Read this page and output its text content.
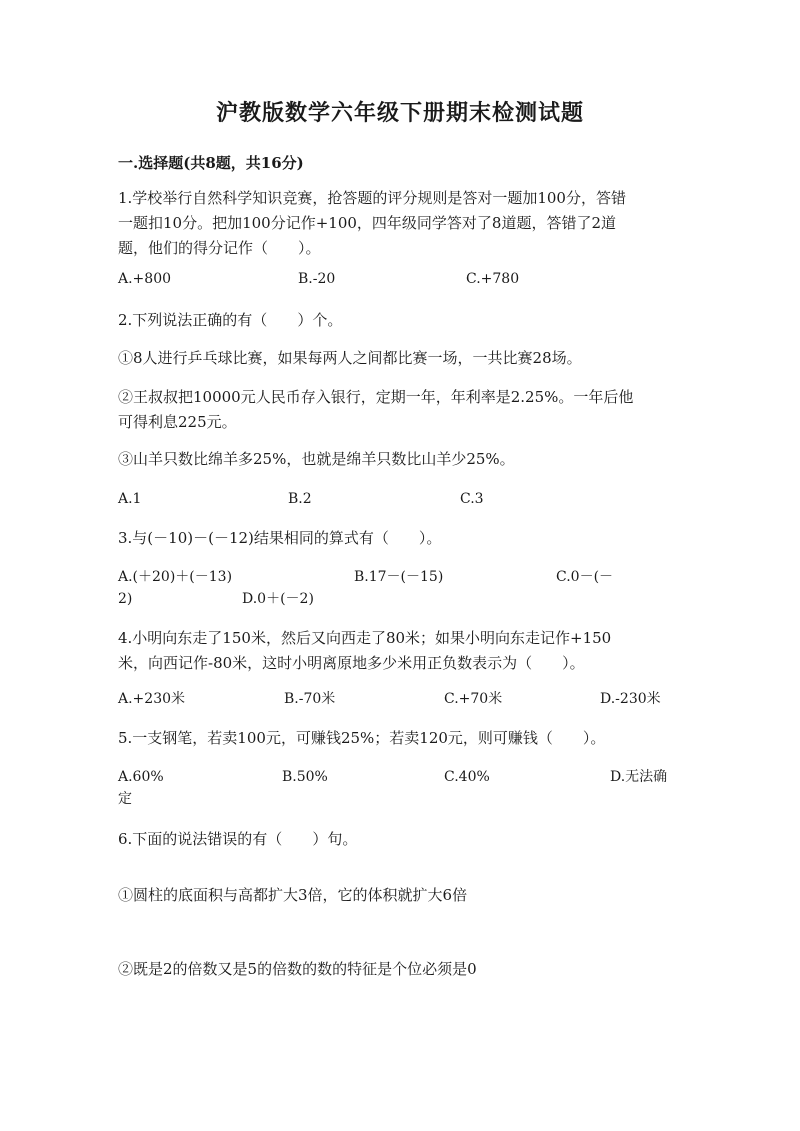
沪教版数学六年级下册期末检测试题
一.选择题(共8题，共16分)
1.学校举行自然科学知识竞赛，抢答题的评分规则是答对一题加100分，答错
一题扣10分。把加100分记作+100，四年级同学答对了8道题，答错了2道
题，他们的得分记作（　　）。
A.+800	B.-20	C.+780
2.下列说法正确的有（　　）个。
①8人进行乒乓球比赛，如果每两人之间都比赛一场，一共比赛28场。
②王叔叔把10000元人民币存入银行，定期一年，年利率是2.25%。一年后他
可得利息225元。
③山羊只数比绵羊多25%，也就是绵羊只数比山羊少25%。
A.1	B.2	C.3
3.与(－10)－(－12)结果相同的算式有（　　）。
A.(＋20)＋(－13)	B.17－(－15)	C.0－(－
2)	D.0＋(－2)
4.小明向东走了150米，然后又向西走了80米；如果小明向东走记作+150
米，向西记作-80米，这时小明离原地多少米用正负数表示为（　　）。
A.+230米	B.-70米	C.+70米	D.-230米
5.一支钢笔，若卖100元，可赚钱25%；若卖120元，则可赚钱（　　）。
A.60%	B.50%	C.40%	D.无法确
定
6.下面的说法错误的有（　　）句。
①圆柱的底面积与高都扩大3倍，它的体积就扩大6倍
②既是2的倍数又是5的倍数的数的特征是个位必须是0
